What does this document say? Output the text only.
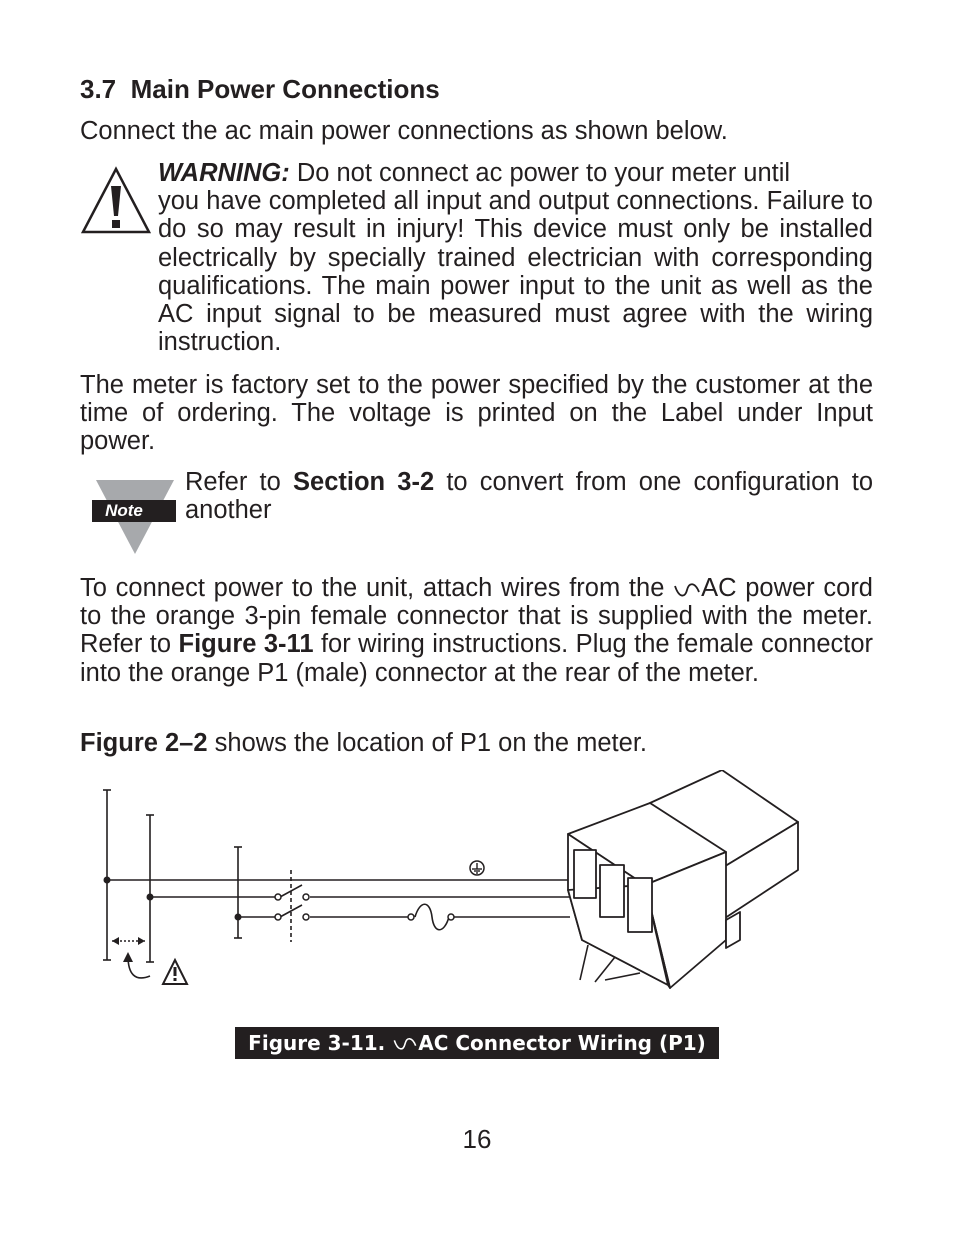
3.7 Main Power Connections
Connect the ac main power connections as shown below.
WARNING: Do not connect ac power to your meter until
you have completed all input and output connections. Failure to do so may result in injury! This device must only be installed electrically by specially trained electrician with corresponding qualifications. The main power input to the unit as well as the AC input signal to be measured must agree with the wiring instruction.
The meter is factory set to the power specified by the customer at the time of ordering. The voltage is printed on the Label under Input power.
Note
Refer to Section 3-2 to convert from one configuration to another
To connect power to the unit, attach wires from the AC power cord to the orange 3-pin female connector that is supplied with the meter. Refer to Figure 3-11 for wiring instructions. Plug the female connector into the orange P1 (male) connector at the rear of the meter.
Figure 2–2 shows the location of P1 on the meter.
Figure 3-11. AC Connector Wiring (P1)
16
